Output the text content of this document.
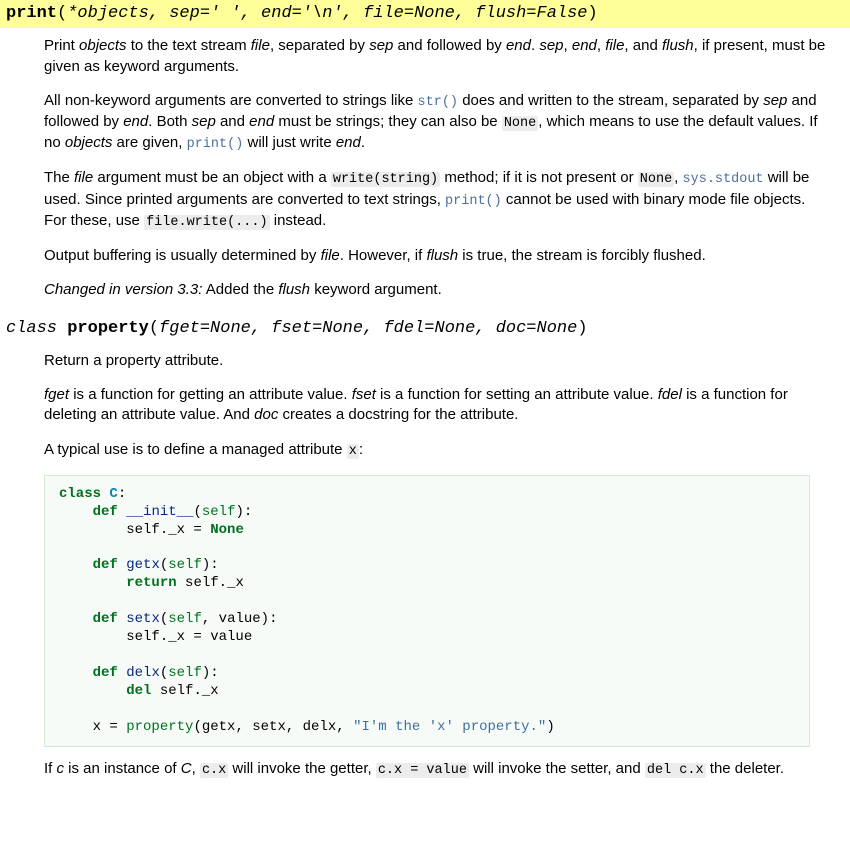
print(*objects, sep=' ', end='\n', file=None, flush=False)

Print objects to the text stream file, separated by sep and followed by end. sep, end, file, and flush, if present, must be given as keyword arguments.

All non-keyword arguments are converted to strings like str() does and written to the stream, separated by sep and followed by end. Both sep and end must be strings; they can also be None , which means to use the default values. If no objects are given, print() will just write end.

The file argument must be an object with a write(string) method; if it is not present or None , sys.stdout will be used. Since printed arguments are converted to text strings, print() cannot be used with binary mode file objects. For these, use file.write(...) instead.

Output buffering is usually determined by file. However, if flush is true, the stream is forcibly flushed.

Changed in version 3.3: Added the flush keyword argument.

class property(fget=None, fset=None, fdel=None, doc=None)

Return a property attribute.

fget is a function for getting an attribute value. fset is a function for setting an attribute value. fdel is a function for deleting an attribute value. And doc creates a docstring for the attribute.

A typical use is to define a managed attribute x :

class C:
def __init__(self):
self._x = None

def getx(self):
return self._x

def setx(self, value):
self._x = value

def delx(self):
del self._x

x = property(getx, setx, delx, "I'm the 'x' property.")

If c is an instance of C, c.x will invoke the getter, c.x = value will invoke the setter, and del c.x the deleter.
